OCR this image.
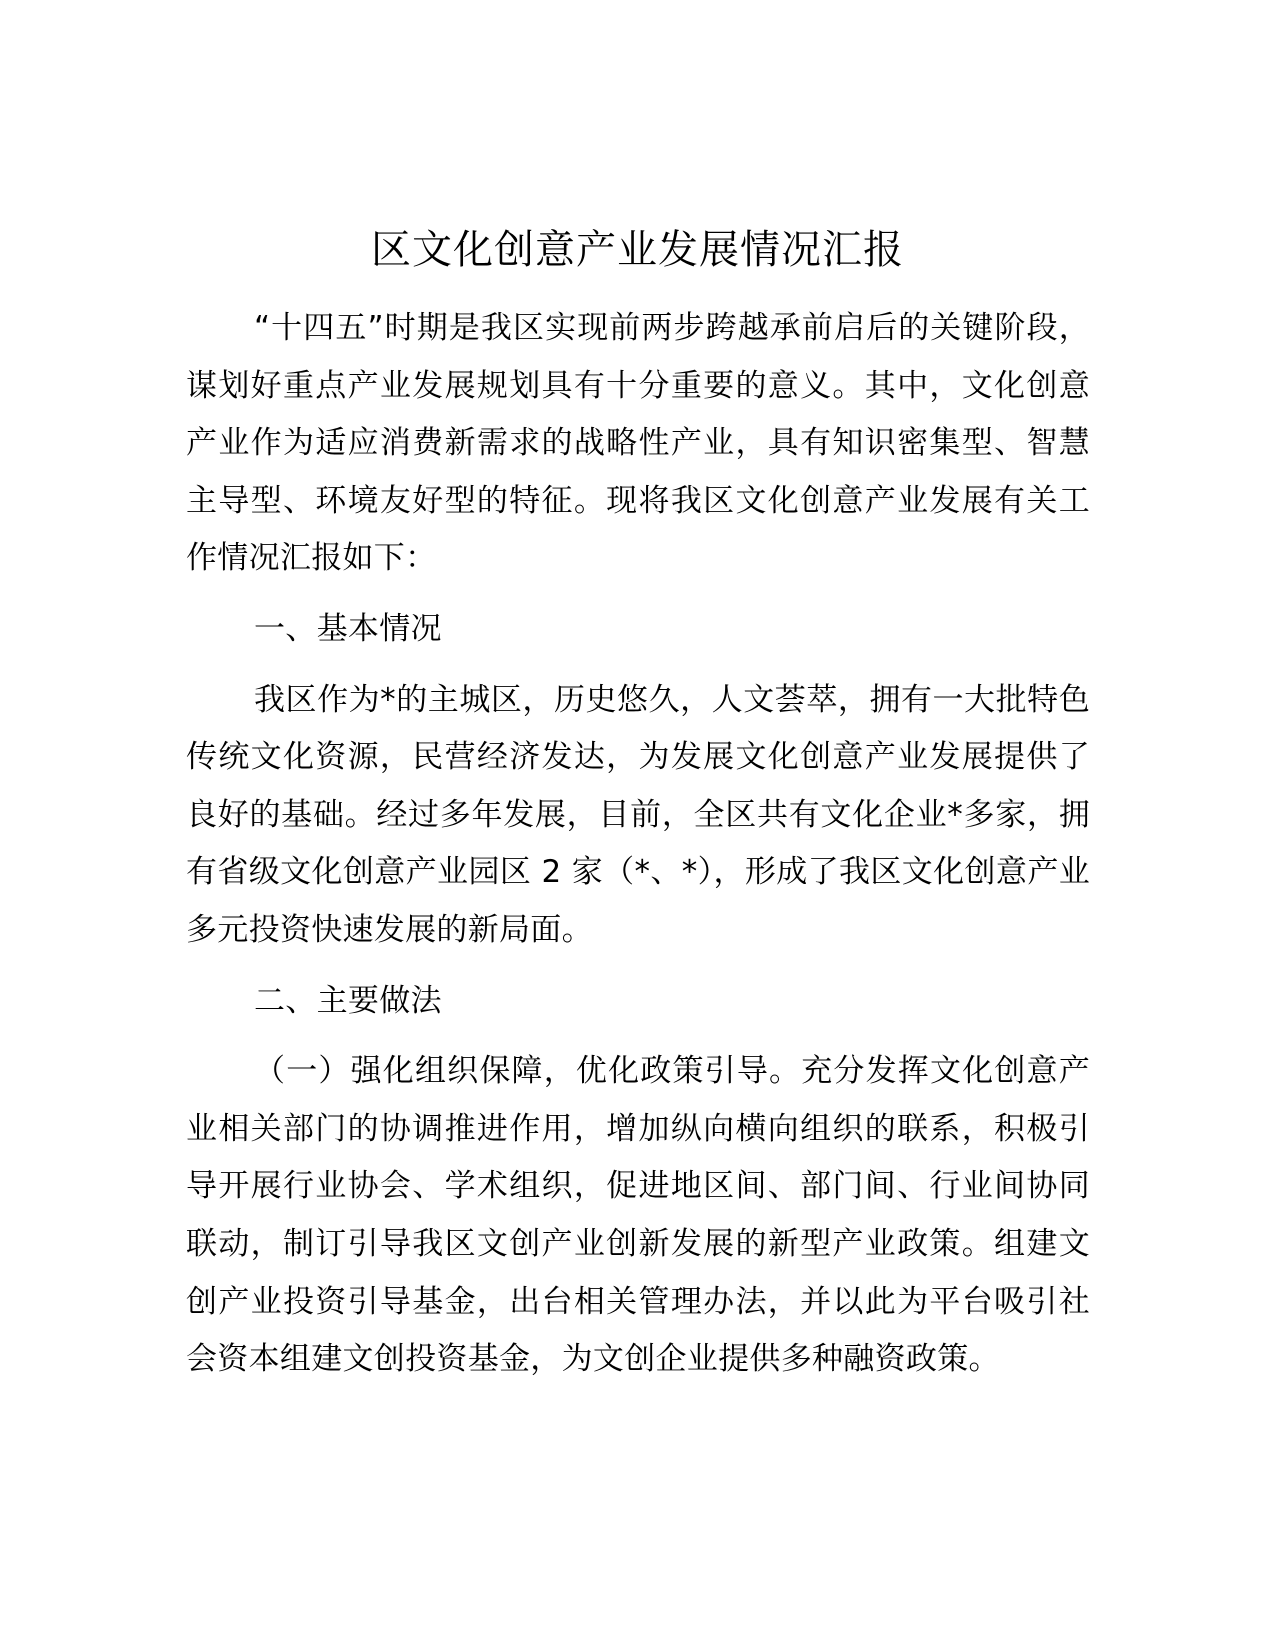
区文化创意产业发展情况汇报

“十四五”时期是我区实现前两步跨越承前启后的关键阶段，谋划好重点产业发展规划具有十分重要的意义。其中，文化创意产业作为适应消费新需求的战略性产业，具有知识密集型、智慧主导型、环境友好型的特征。现将我区文化创意产业发展有关工作情况汇报如下：

一、基本情况

我区作为*的主城区，历史悠久，人文荟萃，拥有一大批特色传统文化资源，民营经济发达，为发展文化创意产业发展提供了良好的基础。经过多年发展，目前，全区共有文化企业*多家，拥有省级文化创意产业园区 2 家（*、*），形成了我区文化创意产业多元投资快速发展的新局面。

二、主要做法

（一）强化组织保障，优化政策引导。充分发挥文化创意产业相关部门的协调推进作用，增加纵向横向组织的联系，积极引导开展行业协会、学术组织，促进地区间、部门间、行业间协同联动，制订引导我区文创产业创新发展的新型产业政策。组建文创产业投资引导基金，出台相关管理办法，并以此为平台吸引社会资本组建文创投资基金，为文创企业提供多种融资政策。
